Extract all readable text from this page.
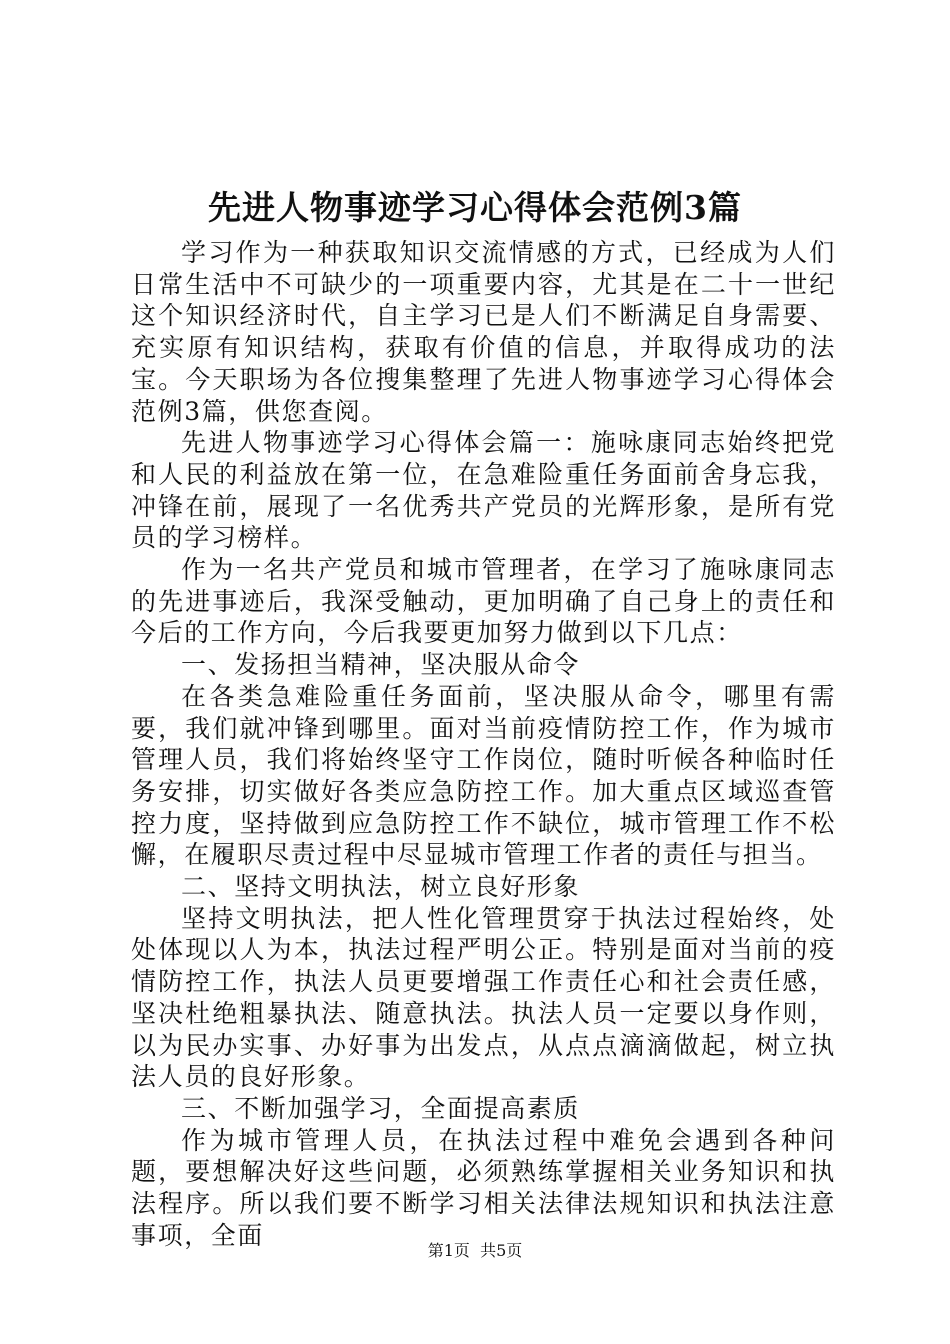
先进人物事迹学习心得体会范例3篇

学习作为一种获取知识交流情感的方式，已经成为人们日常生活中不可缺少的一项重要内容，尤其是在二十一世纪这个知识经济时代，自主学习已是人们不断满足自身需要、充实原有知识结构，获取有价值的信息，并取得成功的法宝。今天职场为各位搜集整理了先进人物事迹学习心得体会范例3篇，供您查阅。

先进人物事迹学习心得体会篇一：施咏康同志始终把党和人民的利益放在第一位，在急难险重任务面前舍身忘我，冲锋在前，展现了一名优秀共产党员的光辉形象，是所有党员的学习榜样。

作为一名共产党员和城市管理者，在学习了施咏康同志的先进事迹后，我深受触动，更加明确了自己身上的责任和今后的工作方向，今后我要更加努力做到以下几点：

一、发扬担当精神，坚决服从命令

在各类急难险重任务面前，坚决服从命令，哪里有需要，我们就冲锋到哪里。面对当前疫情防控工作，作为城市管理人员，我们将始终坚守工作岗位，随时听候各种临时任务安排，切实做好各类应急防控工作。加大重点区域巡查管控力度，坚持做到应急防控工作不缺位，城市管理工作不松懈，在履职尽责过程中尽显城市管理工作者的责任与担当。

二、坚持文明执法，树立良好形象

坚持文明执法，把人性化管理贯穿于执法过程始终，处处体现以人为本，执法过程严明公正。特别是面对当前的疫情防控工作，执法人员更要增强工作责任心和社会责任感，坚决杜绝粗暴执法、随意执法。执法人员一定要以身作则，以为民办实事、办好事为出发点，从点点滴滴做起，树立执法人员的良好形象。

三、不断加强学习，全面提高素质

作为城市管理人员，在执法过程中难免会遇到各种问题，要想解决好这些问题，必须熟练掌握相关业务知识和执法程序。所以我们要不断学习相关法律法规知识和执法注意事项，全面

第1页 共5页
